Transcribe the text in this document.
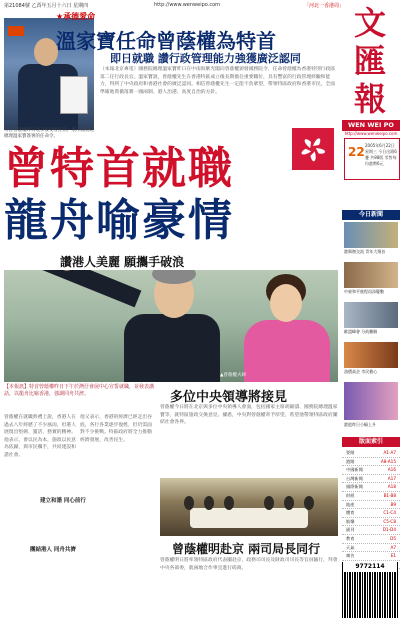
第21084號 乙酉年五月十六日 星期四	http://www.wenweipo.com	「河北一香港周」
特首曾蔭權昨日北京接受委任狀，展示國務院總理溫家寶簽署的任命令。
★承德愛命
溫家寶任命曾蔭權為特首
即日就職 讚行政管理能力強獲廣泛認同
（本報北京專電）國務院總理溫家寶昨日在中南海紫光閣向曾蔭權頒發國務院令，任命曾蔭權為香港特別行政區第二任行政長官。溫家寶說，曾蔭權先生在香港特區成立後長期擔任重要職位，具有豐富的行政管理經驗和能力，得到了中央政府和香港社會的廣泛認同。相信曾蔭權先生一定能不負眾望，帶領特區政府和香港市民，全面準確地貫徹落實一國兩制、港人治港、高度自治的方針。
文匯報
WEN WEI PO
http://www.wenweipo.com
22 2005年6月22日 星期三 今日出紙6疊 共88版 零售每份港幣6元
曾特首就職
龍舟喻豪情
讚港人美麗 願攜手破浪
▲曾蔭權夫婦
【本報訊】特首曾蔭權昨日下午於灣仔會展中心宣誓就職，並發表講話，以龍舟比喻香港，強調同舟共濟。
曾蔭權在就職典禮上說，香港人在過去八年經歷了不少風雨，但港人展現出堅韌、靈活、務實的精神。他表示，會以民為本，施政以民意為依歸，與市民攜手，共同建設和諧社會。
他又表示，香港的經濟已經走出谷底，各行各業逐步復甦，但仍需面對不少挑戰。特區政府將全力推動經濟發展，改善民生。
建立和諧 同心前行
團結港人 同舟共濟
多位中央領導將接見
曾蔭權今日將在北京與多位中央領導人會面，包括國家主席胡錦濤、國務院總理溫家寶等，就特區施政交換意見。據悉，中央對曾蔭權寄予厚望，希望他帶領特區政府團結社會各界。
曾蔭權明赴京 兩司局長同行
曾蔭權明日將率領特區政府代表團赴京，政務司司長及財政司司長等官員隨行，拜會中央各部委，就兩地合作事宜進行磋商。
今日新聞
港舉辦交流 青年大聚首
中東和平進程再添變數
歐盟峰會 分歧難解
油價高企 市民擔心
港股昨日小幅上升
版面索引
要聞	A1-A7
港聞	A8-A15
中國新聞	A16
台灣新聞	A17
國際新聞	A18
財經	B1-B8
地產	B9
體育	C1-C4
娛樂	C5-C8
副刊	D1-D4
教育	D5
天氣	A7
廣告	E1
9772114
